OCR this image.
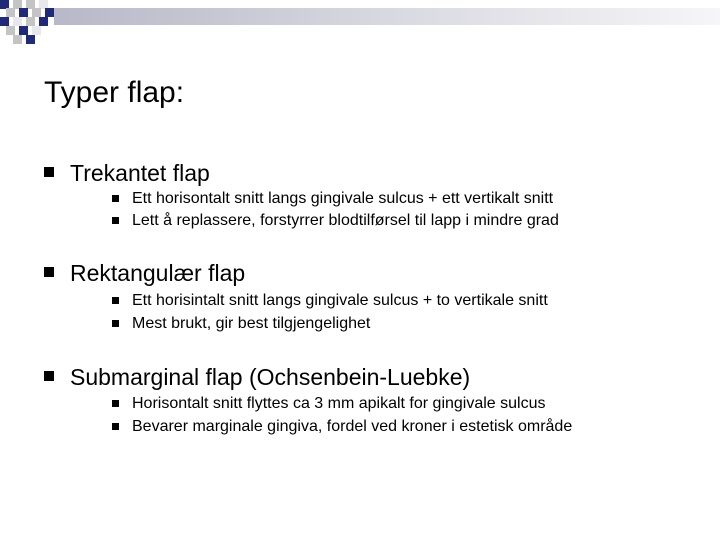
Typer flap:
Trekantet flap
Ett horisontalt snitt langs gingivale sulcus + ett vertikalt snitt
Lett å replassere, forstyrrer blodtilførsel til lapp i mindre grad
Rektangulær flap
Ett horisintalt snitt langs gingivale sulcus + to vertikale snitt
Mest brukt, gir best tilgjengelighet
Submarginal flap (Ochsenbein-Luebke)
Horisontalt snitt flyttes ca 3 mm apikalt for gingivale sulcus
Bevarer marginale gingiva, fordel ved kroner i estetisk område
